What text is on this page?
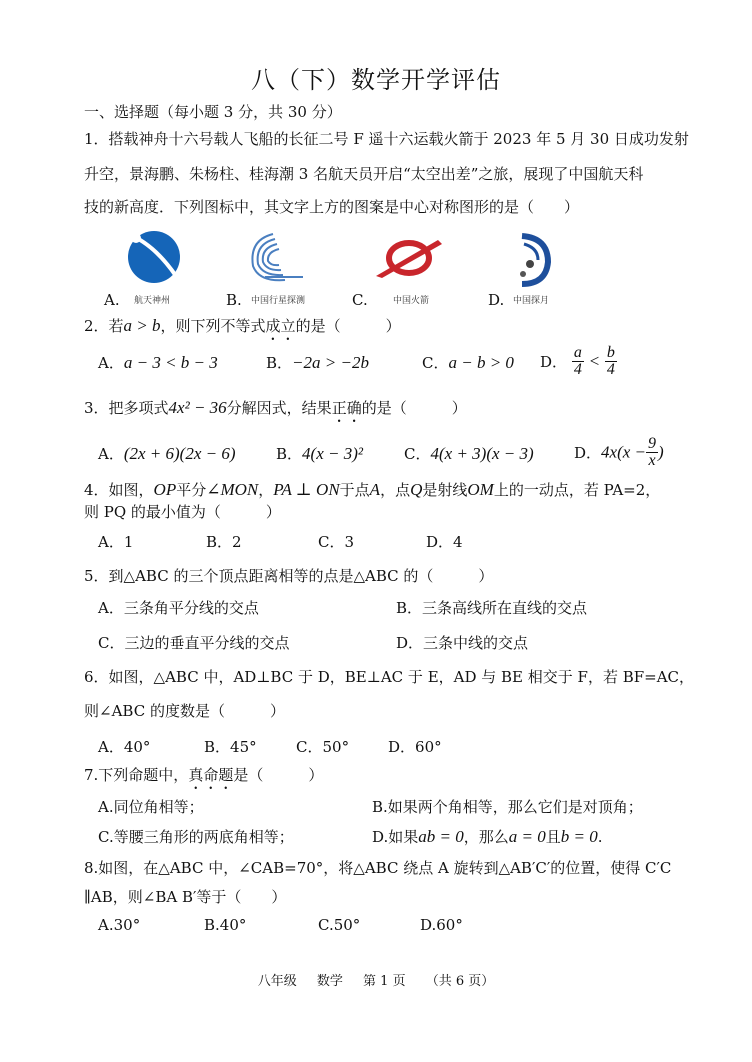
八（下）数学开学评估
一、选择题（每小题 3 分，共 30 分）
1．搭载神舟十六号载人飞船的长征二号 F 遥十六运载火箭于 2023 年 5 月 30 日成功发射
升空，景海鹏、朱杨柱、桂海潮 3 名航天员开启“太空出差”之旅，展现了中国航天科
技的新高度．下列图标中，其文字上方的图案是中心对称图形的是（　　）
A. 航天神州	B. 中国行星探测	C.	中国火箭	D. 中国探月
2．若a > b，则下列不等式成立的是（　　　）
A．a − 3 < b − 3	B．−2a > −2b	C．a − b > 0 D． $\frac{a}{4} < \frac{b}{4}$
3．把多项式4x² − 36分解因式，结果正确的是（　　　）
A．(2x + 6)(2x − 6)	B．4(x − 3)²	C．4(x + 3)(x − 3)	D．$4x(x - \frac{9}{x}$ )
4．如图，OP平分∠MON，PA ⊥ ON于点A，点Q是射线OM上的一动点，若 PA=2，
则 PQ 的最小值为（　　　）
A．1	B．2	C．3	D．4
5．到△ABC 的三个顶点距离相等的点是△ABC 的（　　　）
A．三条角平分线的交点	B．三条高线所在直线的交点
C．三边的垂直平分线的交点	D．三条中线的交点
6．如图，△ABC 中，AD⊥BC 于 D，BE⊥AC 于 E，AD 与 BE 相交于 F，若 BF=AC，
则∠ABC 的度数是（　　　）
A．40°	B．45°	C．50°	D．60°
7.下列命题中，真命题是（　　　）
A.同位角相等；	B.如果两个角相等，那么它们是对顶角；
C.等腰三角形的两底角相等；	D.如果ab = 0，那么a = 0且b = 0.
8.如图，在△ABC 中，∠CAB=70°，将△ABC 绕点 A 旋转到△AB′C′的位置，使得 C′C
∥AB，则∠BA B′等于（　　）
A.30°	B.40°	C.50°	D.60°
八年级 数学 第 1 页 （共 6 页）
